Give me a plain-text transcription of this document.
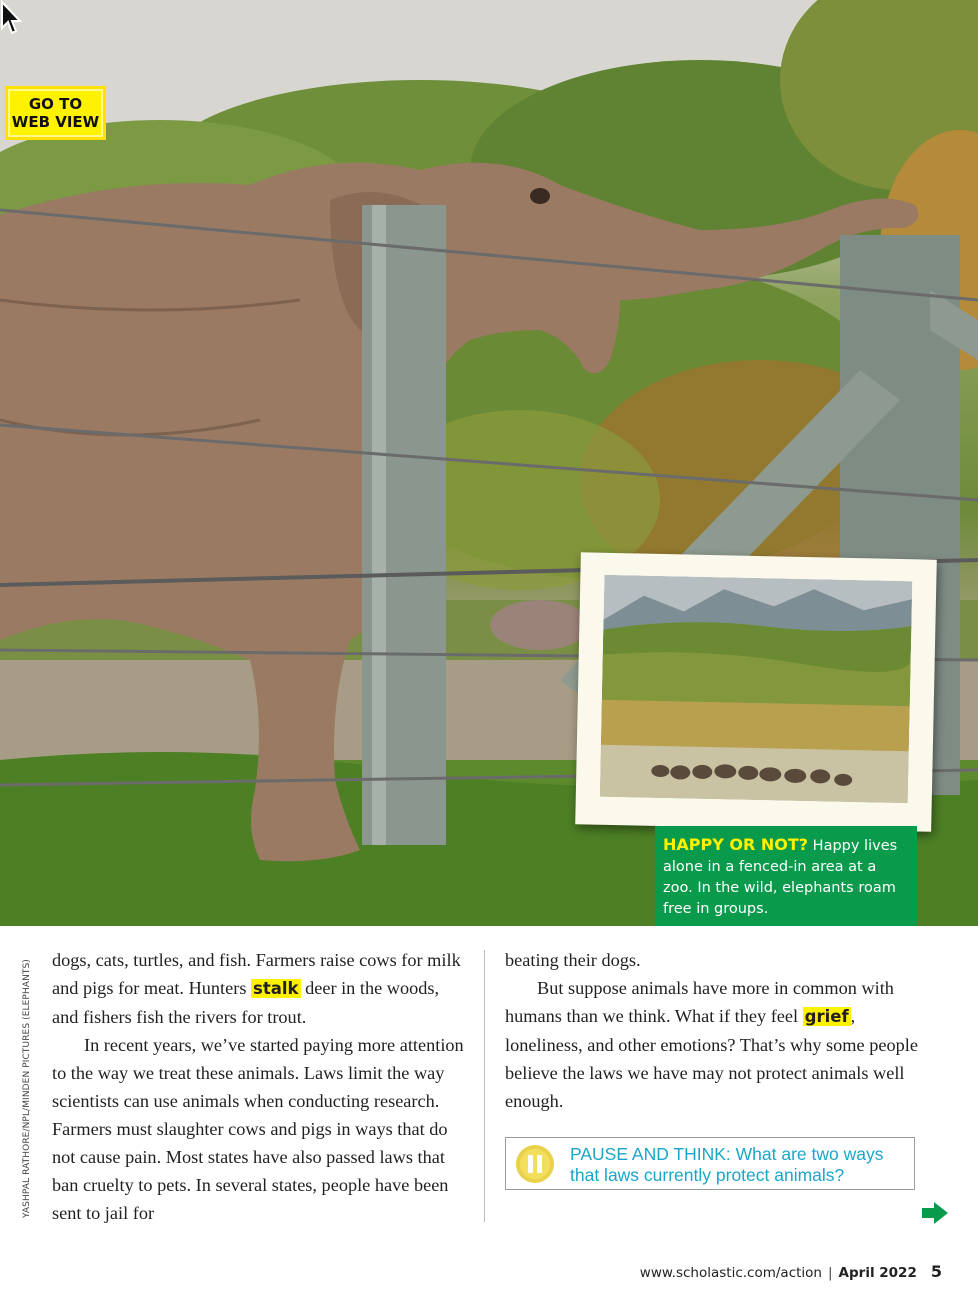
GO TO
WEB VIEW
HAPPY OR NOT? Happy lives alone in a fenced-in area at a zoo. In the wild, elephants roam free in groups.
YASHPAL RATHORE/NPL/MINDEN PICTURES (ELEPHANTS) dogs, cats, turtles, and fish. Farmers raise cows for milk and pigs for meat. Hunters stalk deer in the woods, and fishers fish the rivers for trout.

In recent years, we’ve started paying more attention to the way we treat these animals. Laws limit the way scientists can use animals when conducting research. Farmers must slaughter cows and pigs in ways that do not cause pain. Most states have also passed laws that ban cruelty to pets. In several states, people have been sent to jail for

beating their dogs.

But suppose animals have more in common with humans than we think. What if they feel grief , loneliness, and other emotions? That’s why some people believe the laws we have may not protect animals well enough.

PAUSE AND THINK: What are two ways that laws currently protect animals?
www.scholastic.com/action | April 2022 5
